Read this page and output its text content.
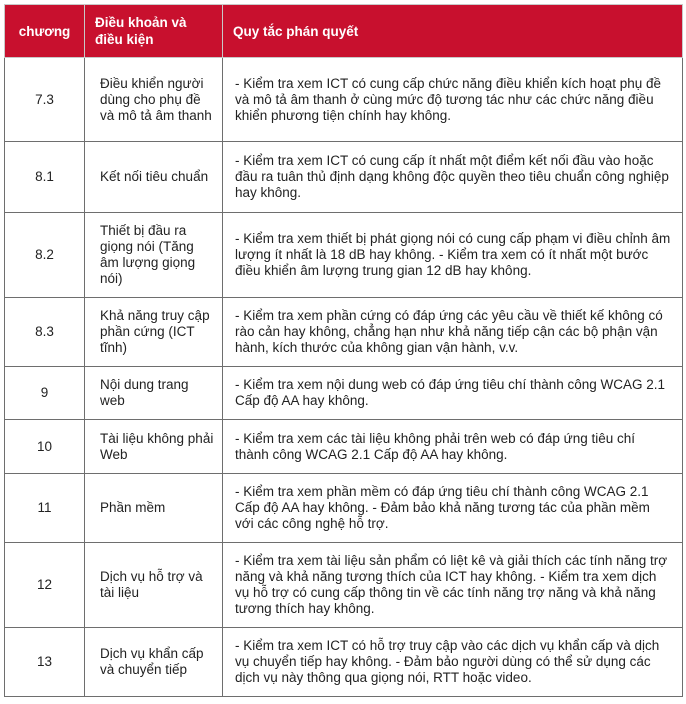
chương	Điều khoản và điều kiện	Quy tắc phán quyết
7.3	Điều khiển người dùng cho phụ đề và mô tả âm thanh	- Kiểm tra xem ICT có cung cấp chức năng điều khiển kích hoạt phụ đề và mô tả âm thanh ở cùng mức độ tương tác như các chức năng điều khiển phương tiện chính hay không.
8.1	Kết nối tiêu chuẩn	- Kiểm tra xem ICT có cung cấp ít nhất một điểm kết nối đầu vào hoặc đầu ra tuân thủ định dạng không độc quyền theo tiêu chuẩn công nghiệp hay không.
8.2	Thiết bị đầu ra giọng nói (Tăng âm lượng giọng nói)	- Kiểm tra xem thiết bị phát giọng nói có cung cấp phạm vi điều chỉnh âm lượng ít nhất là 18 dB hay không. - Kiểm tra xem có ít nhất một bước điều khiển âm lượng trung gian 12 dB hay không.
8.3	Khả năng truy cập phần cứng (ICT tĩnh)	- Kiểm tra xem phần cứng có đáp ứng các yêu cầu về thiết kế không có rào cản hay không, chẳng hạn như khả năng tiếp cận các bộ phận vận hành, kích thước của không gian vận hành, v.v.
9	Nội dung trang web	- Kiểm tra xem nội dung web có đáp ứng tiêu chí thành công WCAG 2.1 Cấp độ AA hay không.
10	Tài liệu không phải Web	- Kiểm tra xem các tài liệu không phải trên web có đáp ứng tiêu chí thành công WCAG 2.1 Cấp độ AA hay không.
11	Phần mềm	- Kiểm tra xem phần mềm có đáp ứng tiêu chí thành công WCAG 2.1 Cấp độ AA hay không. - Đảm bảo khả năng tương tác của phần mềm với các công nghệ hỗ trợ.
12	Dịch vụ hỗ trợ và tài liệu	- Kiểm tra xem tài liệu sản phẩm có liệt kê và giải thích các tính năng trợ năng và khả năng tương thích của ICT hay không. - Kiểm tra xem dịch vụ hỗ trợ có cung cấp thông tin về các tính năng trợ năng và khả năng tương thích hay không.
13	Dịch vụ khẩn cấp và chuyển tiếp	- Kiểm tra xem ICT có hỗ trợ truy cập vào các dịch vụ khẩn cấp và dịch vụ chuyển tiếp hay không. - Đảm bảo người dùng có thể sử dụng các dịch vụ này thông qua giọng nói, RTT hoặc video.
